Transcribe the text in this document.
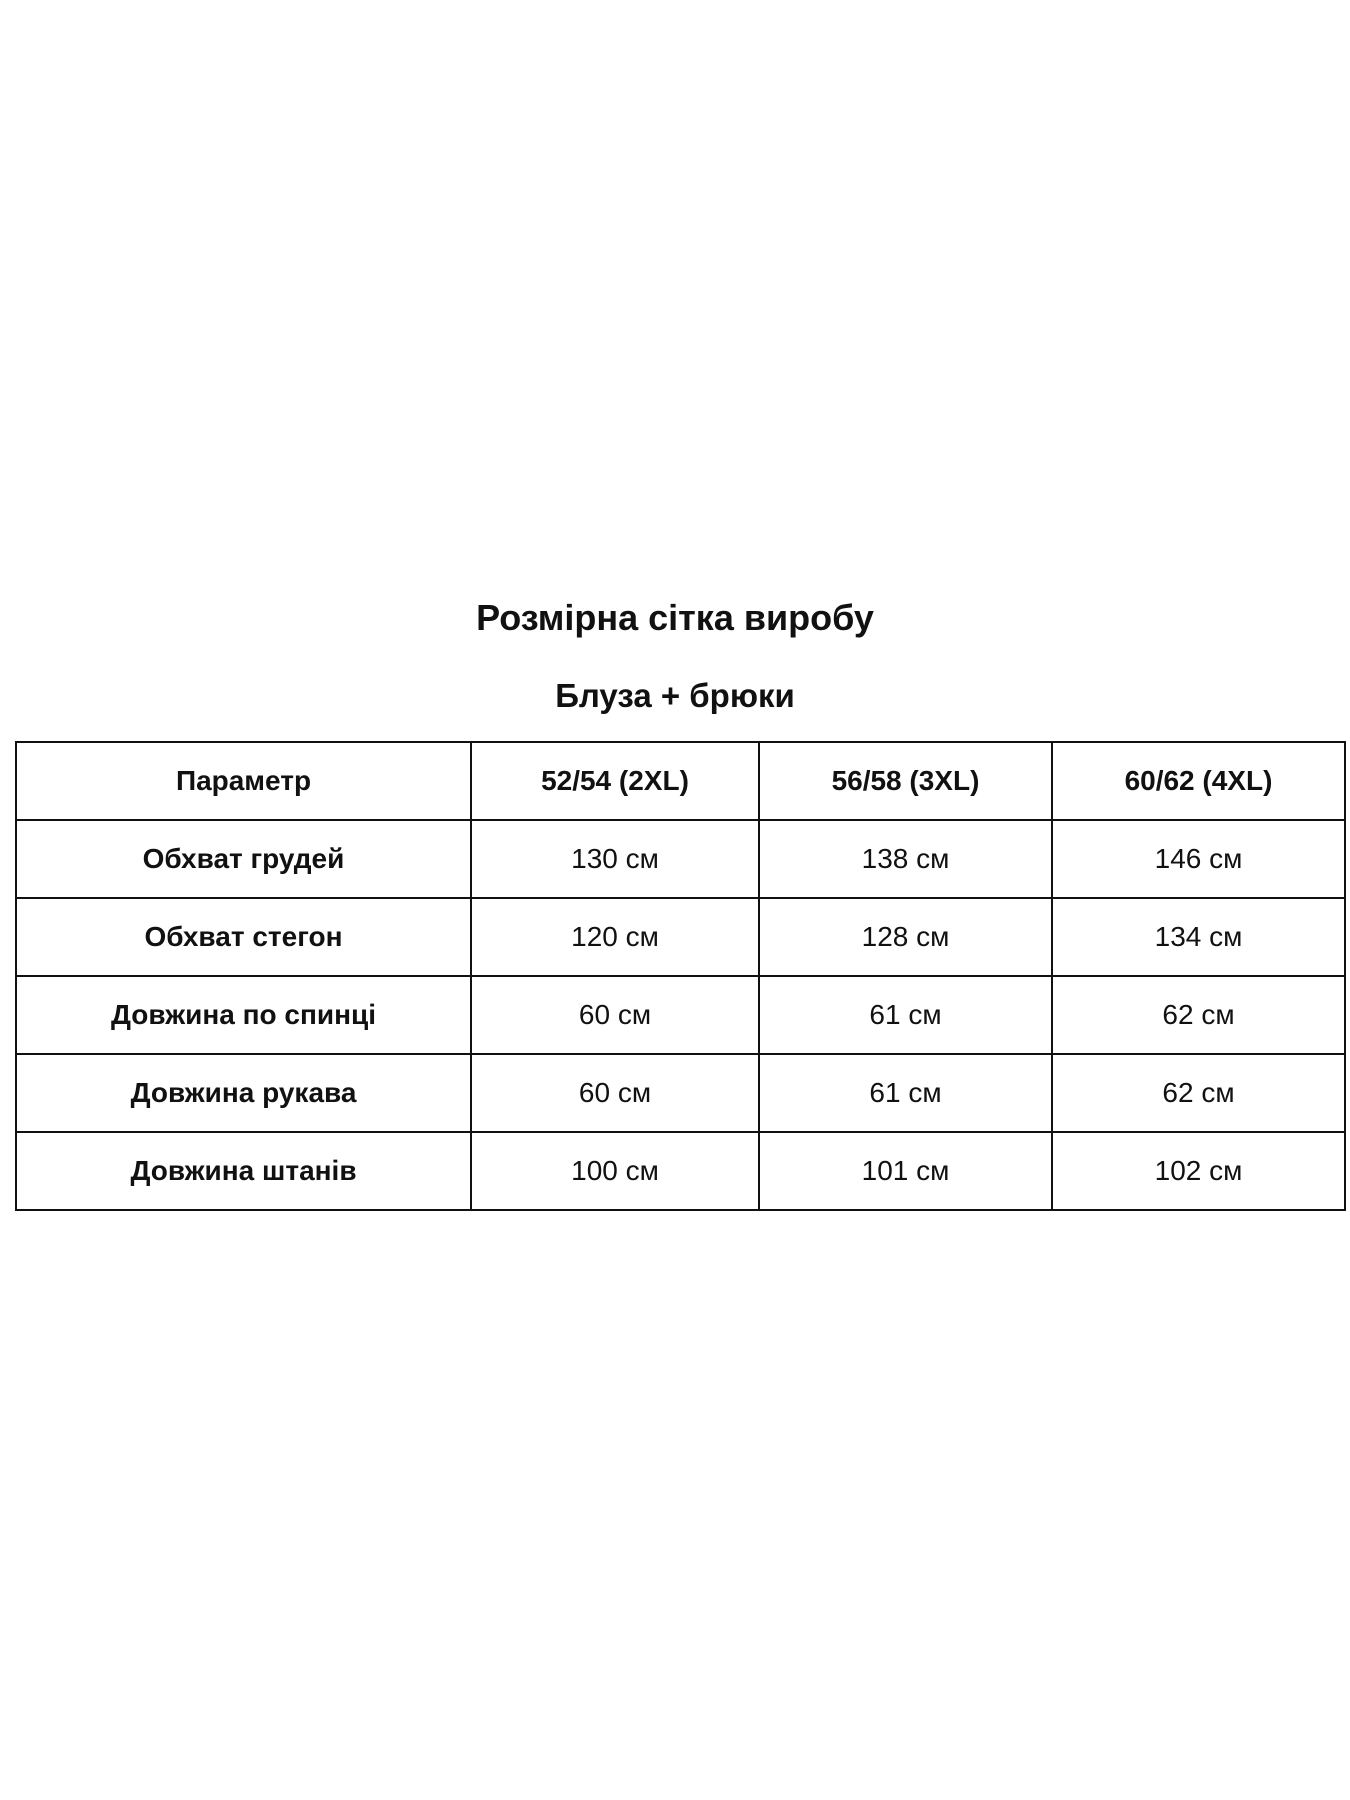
Розмірна сітка виробу
Блуза + брюки
Параметр	52/54 (2XL)	56/58 (3XL)	60/62 (4XL)
Обхват грудей	130 см	138 см	146 см
Обхват стегон	120 см	128 см	134 см
Довжина по спинці	60 см	61 см	62 см
Довжина рукава	60 см	61 см	62 см
Довжина штанів	100 см	101 см	102 см
